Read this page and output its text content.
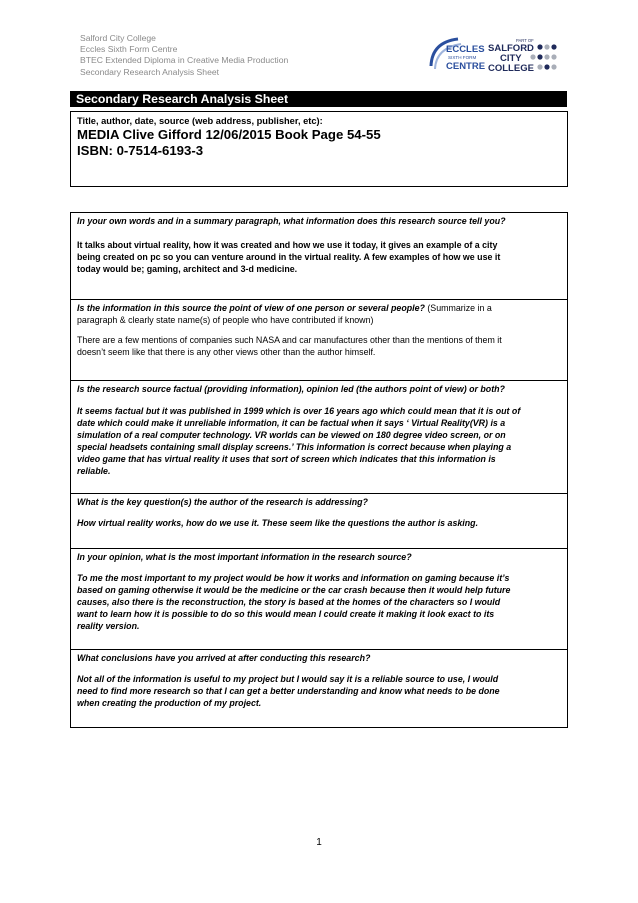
Salford City College
Eccles Sixth Form Centre
BTEC Extended Diploma in Creative Media Production
Secondary Research Analysis Sheet
ECCLES
SIXTH FORM
CENTRE
PART OF
SALFORD
CITY
COLLEGE
Secondary Research Analysis Sheet
Title, author, date, source (web address, publisher, etc):
MEDIA Clive Gifford 12/06/2015 Book Page 54-55
ISBN: 0-7514-6193-3

In your own words and in a summary paragraph, what information does this research source tell you?

It talks about virtual reality, how it was created and how we use it today, it gives an example of a city

being created on pc so you can venture around in the virtual reality. A few examples of how we use it

today would be; gaming, architect and 3-d medicine.

Is the information in this source the point of view of one person or several people? (Summarize in a

paragraph & clearly state name(s) of people who have contributed if known)

There are a few mentions of companies such NASA and car manufactures other than the mentions of them it

doesn’t seem like that there is any other views other than the author himself.

Is the research source factual (providing information), opinion led (the authors point of view) or both?

It seems factual but it was published in 1999 which is over 16 years ago which could mean that it is out of

date which could make it unreliable information, it can be factual when it says ‘ Virtual Reality(VR) is a

simulation of a real computer technology. VR worlds can be viewed on 180 degree video screen, or on

special headsets containing small display screens.’ This information is correct because when playing a

video game that has virtual reality it uses that sort of screen which indicates that this information is

reliable.

What is the key question(s) the author of the research is addressing?

How virtual reality works, how do we use it. These seem like the questions the author is asking.

In your opinion, what is the most important information in the research source?

To me the most important to my project would be how it works and information on gaming because it’s

based on gaming otherwise it would be the medicine or the car crash because then it would help future

causes, also there is the reconstruction, the story is based at the homes of the characters so I would

want to learn how it is possible to do so this would mean I could create it making it look exact to its

reality version.

What conclusions have you arrived at after conducting this research?

Not all of the information is useful to my project but I would say it is a reliable source to use, I would

need to find more research so that I can get a better understanding and know what needs to be done

when creating the production of my project.

1
